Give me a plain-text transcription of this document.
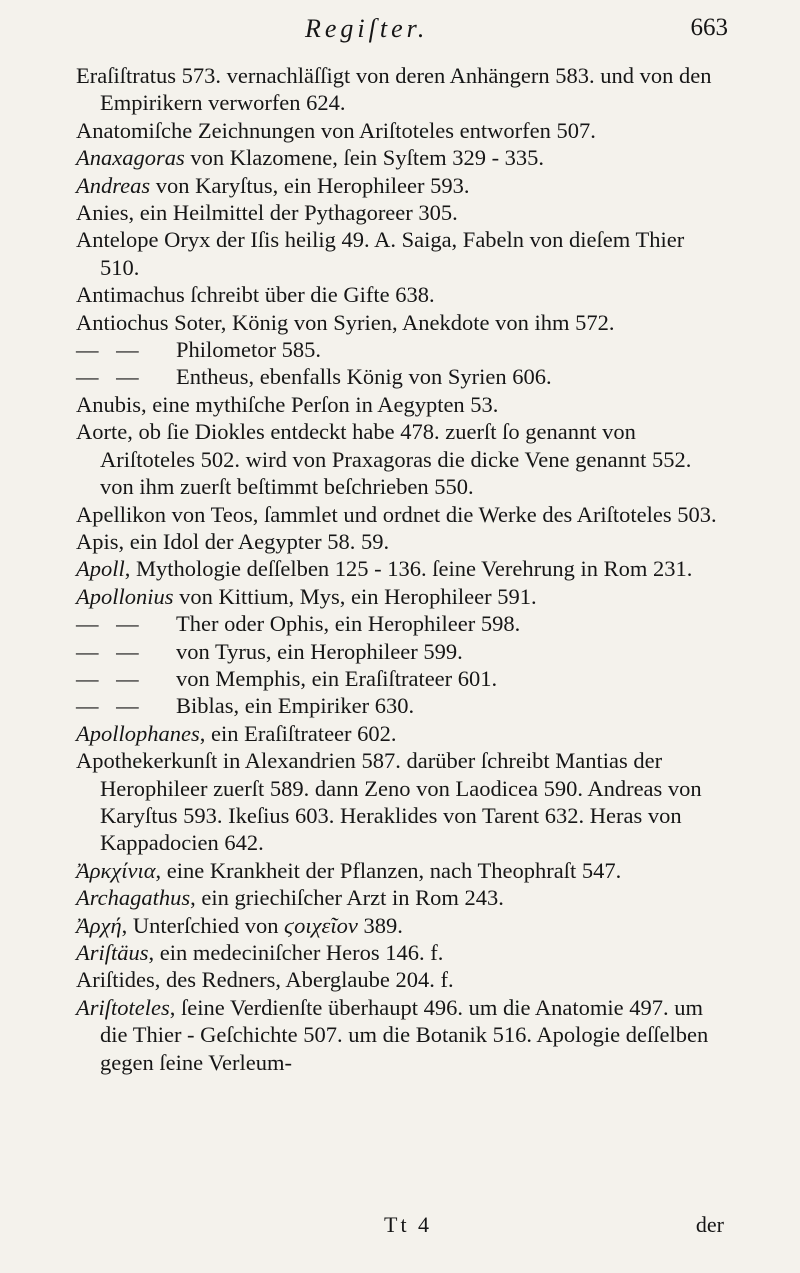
Regiſter.	663

Eraſiſtratus 573. vernachläſſigt von deren Anhängern 583. und von den Empirikern verworfen 624.

Anatomiſche Zeichnungen von Ariſtoteles entworfen 507.

Anaxagoras von Klazomene, ſein Syſtem 329 - 335.

Andreas von Karyſtus, ein Herophileer 593.

Anies, ein Heilmittel der Pythagoreer 305.

Antelope Oryx der Iſis heilig 49. A. Saiga, Fabeln von dieſem Thier 510.

Antimachus ſchreibt über die Gifte 638.

Antiochus Soter, König von Syrien, Anekdote von ihm 572.

— — Philometor 585.

— — Entheus, ebenfalls König von Syrien 606.

Anubis, eine mythiſche Perſon in Aegypten 53.

Aorte, ob ſie Diokles entdeckt habe 478. zuerſt ſo genannt von Ariſtoteles 502. wird von Praxagoras die dicke Vene genannt 552. von ihm zuerſt beſtimmt beſchrieben 550.

Apellikon von Teos, ſammlet und ordnet die Werke des Ariſtoteles 503.

Apis, ein Idol der Aegypter 58. 59.

Apoll, Mythologie deſſelben 125 - 136. ſeine Verehrung in Rom 231.

Apollonius von Kittium, Mys, ein Herophileer 591.

— — Ther oder Ophis, ein Herophileer 598.

— — von Tyrus, ein Herophileer 599.

— — von Memphis, ein Eraſiſtrateer 601.

— — Biblas, ein Empiriker 630.

Apollophanes, ein Eraſiſtrateer 602.

Apothekerkunſt in Alexandrien 587. darüber ſchreibt Mantias der Herophileer zuerſt 589. dann Zeno von Laodicea 590. Andreas von Karyſtus 593. Ikeſius 603. Heraklides von Tarent 632. Heras von Kappadocien 642.

Ἀρκχίνια, eine Krankheit der Pflanzen, nach Theophraſt 547.

Archagathus, ein griechiſcher Arzt in Rom 243.

Ἀρχή, Unterſchied von ϛοιχεῖον 389.

Ariſtäus, ein medeciniſcher Heros 146. f.

Ariſtides, des Redners, Aberglaube 204. f.

Ariſtoteles, ſeine Verdienſte überhaupt 496. um die Anatomie 497. um die Thier - Geſchichte 507. um die Botanik 516. Apologie deſſelben gegen ſeine Verleum-

Tt 4	der
